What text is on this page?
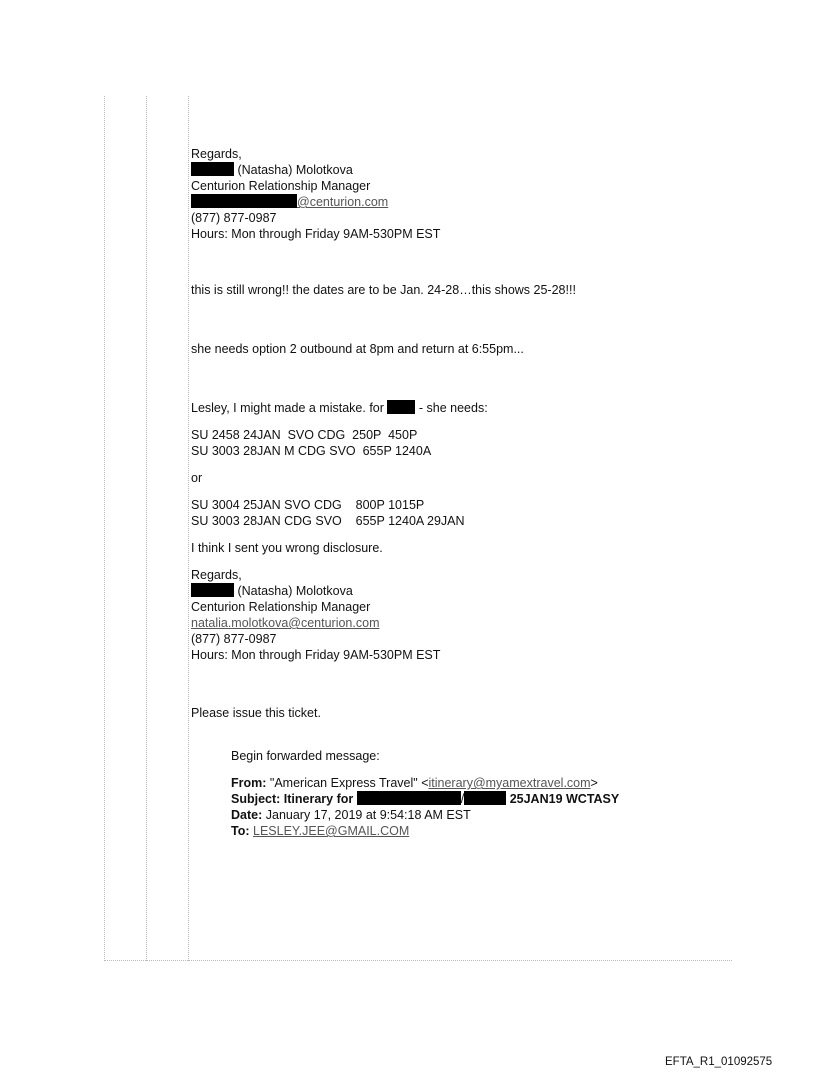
Regards,
(Natasha) Molotkova
Centurion Relationship Manager
@centurion.com
(877) 877-0987
Hours: Mon through Friday 9AM-530PM EST
this is still wrong!! the dates are to be Jan. 24-28…this shows 25-28!!!
she needs option 2 outbound at 8pm and return at 6:55pm...
Lesley, I might made a mistake. for	- she needs:
SU 2458 24JAN  SVO CDG  250P  450P
SU 3003 28JAN M CDG SVO  655P 1240A
or
SU 3004 25JAN SVO CDG    800P 1015P
SU 3003 28JAN CDG SVO    655P 1240A 29JAN
I think I sent you wrong disclosure.
Regards,
(Natasha) Molotkova
Centurion Relationship Manager
natalia.molotkova@centurion.com
(877) 877-0987
Hours: Mon through Friday 9AM-530PM EST
Please issue this ticket.
Begin forwarded message:
From: "American Express Travel" <itinerary@myamextravel.com>
Subject: Itinerary for	/	25JAN19 WCTASY
Date: January 17, 2019 at 9:54:18 AM EST
To: LESLEY.JEE@GMAIL.COM
EFTA_R1_01092575
